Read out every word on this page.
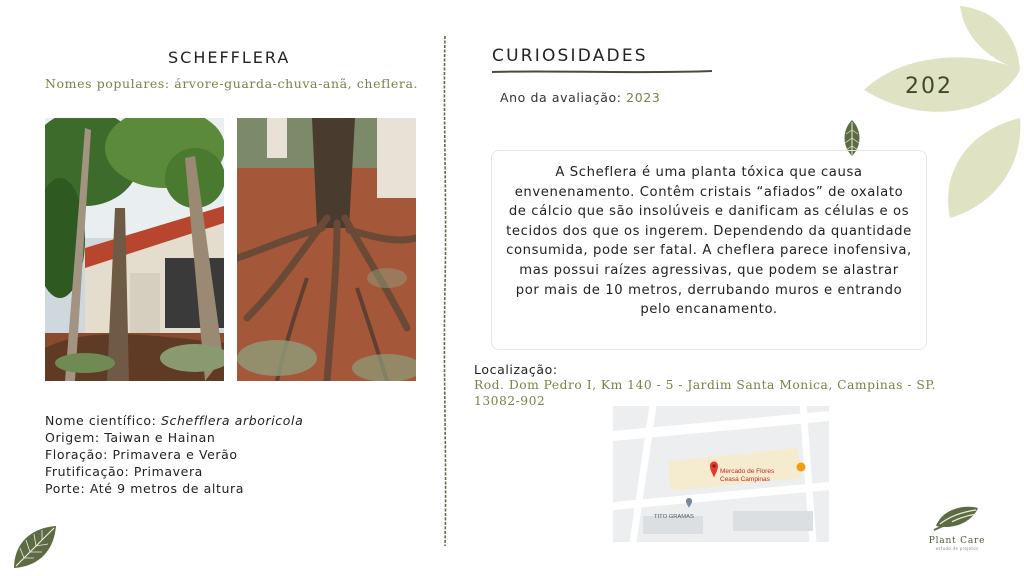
202
SCHEFFLERA
Nomes populares: árvore-guarda-chuva-anã, cheflera.
Nome científico: Schefflera arboricola
Origem: Taiwan e Hainan
Floração: Primavera e Verão
Frutificação: Primavera
Porte: Até 9 metros de altura
CURIOSIDADES
Ano da avaliação: 2023
A Scheflera é uma planta tóxica que causa envenenamento. Contêm cristais “afiados” de oxalato de cálcio que são insolúveis e danificam as células e os tecidos dos que os ingerem. Dependendo da quantidade consumida, pode ser fatal. A cheflera parece inofensiva, mas possui raízes agressivas, que podem se alastrar por mais de 10 metros, derrubando muros e entrando pelo encanamento.
Localização:
Rod. Dom Pedro I, Km 140 - 5 - Jardim Santa Monica, Campinas - SP. 13082-902
Mercado de Flores
Ceasa Campinas
TITO GRAMAS
Plant Care
estudo de projetos
